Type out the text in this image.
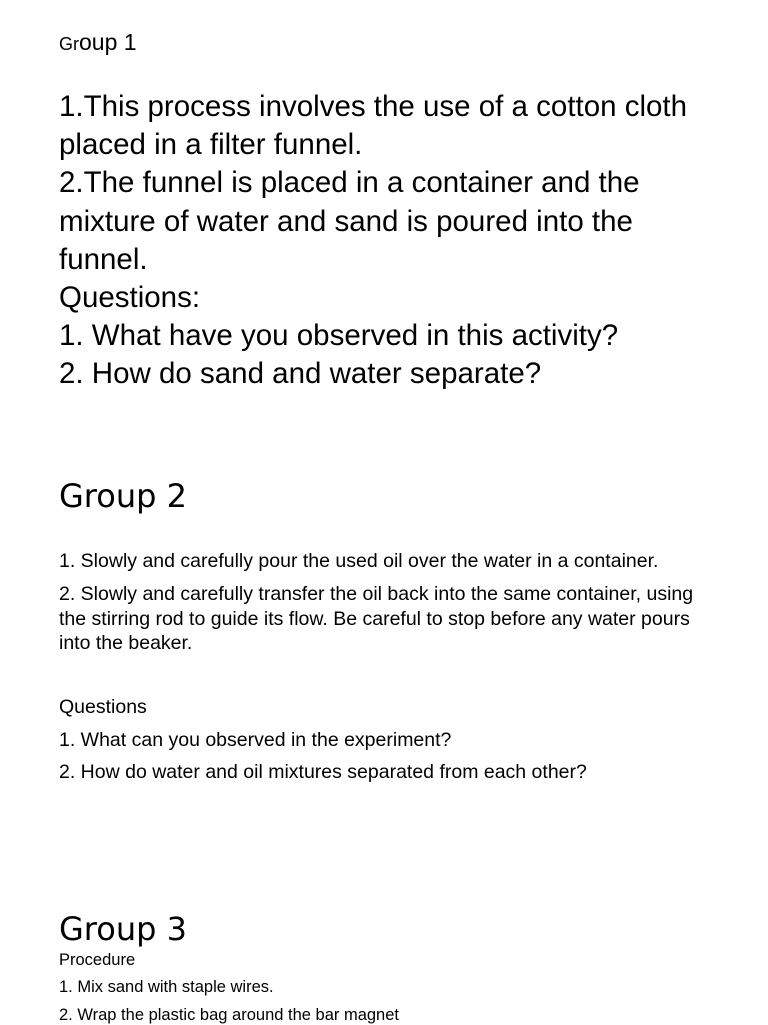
Group 1
1.This process involves the use of a cotton cloth placed in a filter funnel.
2.The funnel is placed in a container and the mixture of water and sand is poured into the funnel.
Questions:
1. What have you observed in this activity?
2. How do sand and water separate?
Group 2
1. Slowly and carefully pour the used oil over the water in a container.
2. Slowly and carefully transfer the oil back into the same container, using the stirring rod to guide its flow. Be careful to stop before any water pours into the beaker.
Questions
1. What can you observed in the experiment?
2. How do water and oil mixtures separated from each other?
Group 3
Procedure
1. Mix sand with staple wires.
2. Wrap the plastic bag around the bar magnet
